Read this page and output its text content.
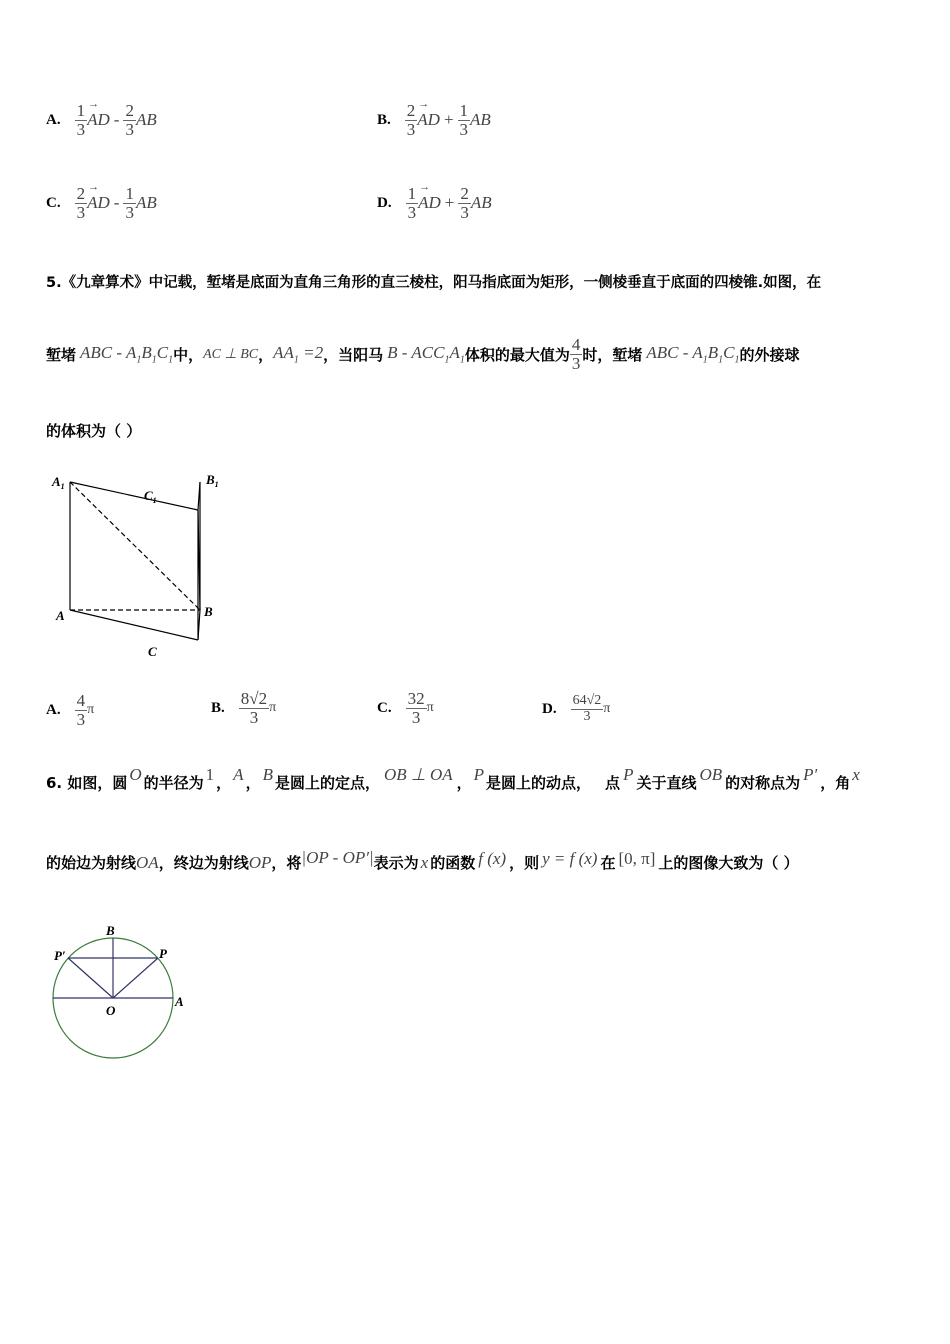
A. $\frac{1}{3}$ → AD - $\frac{2}{3}$ AB	B. $\frac{2}{3}$ → AD + $\frac{1}{3}$ AB
C. $\frac{2}{3}$ → AD - $\frac{1}{3}$ AB	D. $\frac{1}{3}$ → AD + $\frac{2}{3}$ AB
5.《九章算术》中记载，堑堵是底面为直角三角形的直三棱柱，阳马指底面为矩形，一侧棱垂直于底面的四棱锥.如图，在
堑堵 ABC - $A_1B_1C_1$ 中， AC ⊥ BC ， $AA_1 =2$ ，当阳马 B - $ACC_1A_1$ 体积的最大值为 $\frac{4}{3}$ 时，堑堵 ABC - $A_1B_1C_1$ 的外接球
的体积为（ ）
$A_1$	$B_1$
$C_1$
A	B
C
A. $\frac{4}{3}$ π	B. $\frac{8√2}{3}$ π	C. $\frac{32}{3}$ π	D. $\frac{64√2}{3}$ π
6. 如图，圆 O 的半径为 1 ， A ， B 是圆上的定点， OB ⊥ OA ， P 是圆上的动点， 点 P 关于直线 OB 的对称点为 P′ ，角 x
的始边为射线 OA ，终边为射线 OP ，将 |OP - OP′| 表示为 x 的函数 f (x) ，则 y = f (x) 在 [0, π] 上的图像大致为（ ）
B
P
P′
O
A
